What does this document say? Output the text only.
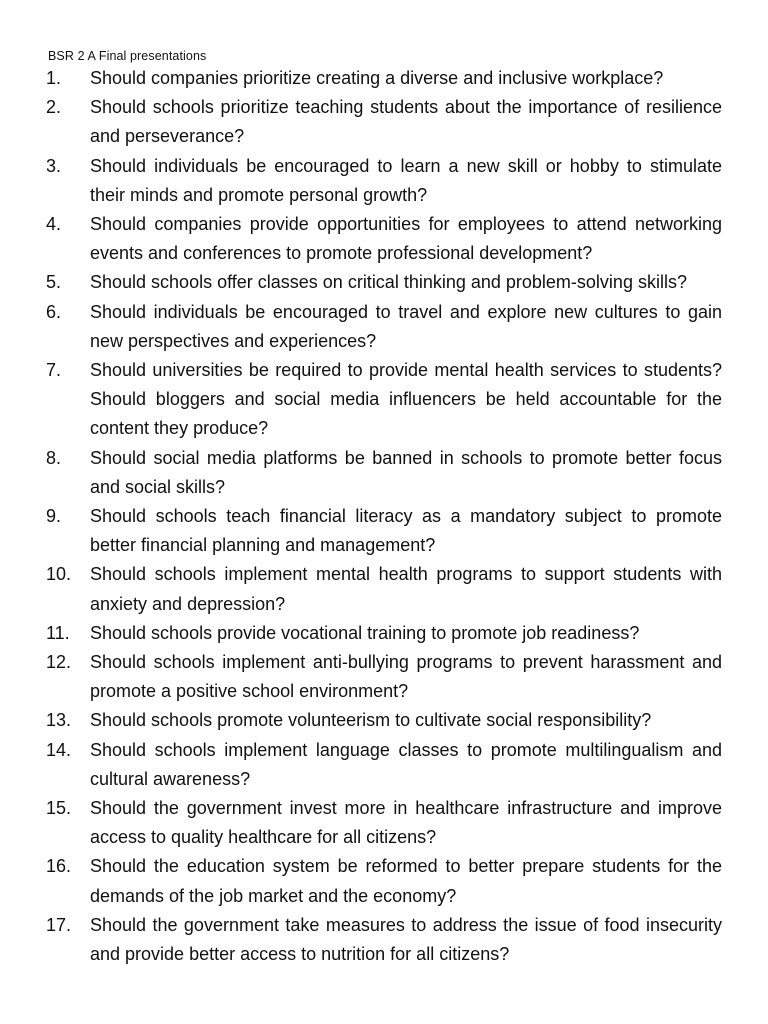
BSR 2 A Final presentations
1.	Should companies prioritize creating a diverse and inclusive workplace?
2.	Should schools prioritize teaching students about the importance of resilience and perseverance?
3.	Should individuals be encouraged to learn a new skill or hobby to stimulate their minds and promote personal growth?
4.	Should companies provide opportunities for employees to attend networking events and conferences to promote professional development?
5.	Should schools offer classes on critical thinking and problem-solving skills?
6.	Should individuals be encouraged to travel and explore new cultures to gain new perspectives and experiences?
7.	Should universities be required to provide mental health services to students? Should bloggers and social media influencers be held accountable for the content they produce?
8.	Should social media platforms be banned in schools to promote better focus and social skills?
9.	Should schools teach financial literacy as a mandatory subject to promote better financial planning and management?
10. Should schools implement mental health programs to support students with anxiety and depression?
11. Should schools provide vocational training to promote job readiness?
12. Should schools implement anti-bullying programs to prevent harassment and promote a positive school environment?
13. Should schools promote volunteerism to cultivate social responsibility?
14. Should schools implement language classes to promote multilingualism and cultural awareness?
15. Should the government invest more in healthcare infrastructure and improve access to quality healthcare for all citizens?
16. Should the education system be reformed to better prepare students for the demands of the job market and the economy?
17. Should the government take measures to address the issue of food insecurity and provide better access to nutrition for all citizens?
